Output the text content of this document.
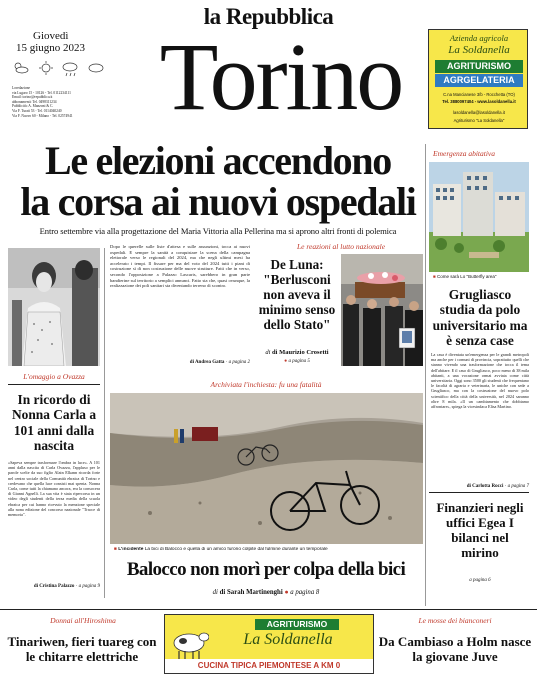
la Repubblica
Giovedì
15 giugno 2023
Loredazione
via Lugaro 15 - 10126 - Tel. 0112234111
Email: torino@repubblica.it
abbonamenti: Tel. 0498311234
Pubblicità: A. Manzoni & C.
Via F. Turati 53 - Tel. 0114040240
Via F. Nuovo 60 - Milano - Tel. 02574941 Torino	Azienda agricola
La Soldanella
AGRITURISMO
AGRGELATERIA
C.na Mancianese 3/b - Rocchetta (TO)
Tel. 3880097404 - www.lasoldanella.it
lasoldanella@lasoldanella.it
Agriturismo "La Soldanella"
Le elezioni accendono
la corsa ai nuovi ospedali
Entro settembre via alla progettazione del Maria Vittoria alla Pellerina ma si aprono altri fronti di polemica
Emergenza abitativa
■ Come sarà Lo "Butterfly area"
Grugliasco studia da polo universitario ma è senza case
La casa è diventata un'emergenza per le grandi metropoli ma anche per i comuni di provincia, soprattutto quelli che stanno vivendo una trasformazione che tocca il tema dell'abitare. E il caso di Grugliasco, poco meno di 38 mila abitanti, a una vocazione ormai avviata come città universitaria. Oggi sono 3500 gli studenti che frequentano le facoltà di agraria e veterinaria, le uniche con sede a Grugliasco, ma con la costruzione del nuovo polo scientifico della città della università, nel 2024 saranno oltre 8 mila. «Il un cambiamento che dobbiamo affrontare», spiega la vicesindaca Elisa Martino.
di Carlotta Rocci · a pagina 7
Finanzieri negli uffici Egea I bilanci nel mirino
a pagina 6
L'omaggio a Ovazza
In ricordo di Nonna Carla a 101 anni dalla nascita
«Sapeva sempre trasformare l'ombra in luce». A 101 anni dalla nascita di Carla Ovazza, l'appluso per le parole scelte da suo figlio Alain Elkann ricorda forte nel centro sociale della Comunità ebraica di Torino e credevano che quella luce consisti mai spenta. Nonna Carla, come tutti la chiamano ancora, era la consocera di Gianni Agnelli. La sua vita è stata ripercorsa in un video degli studenti della terza media della scuola ebraica per cui hanno ricevuto la menzione speciale alla nona edizione del concorso nazionale "Tracce di memoria".
di Cristina Palazzo · a pagina 9
Dopo le querelle sulle liste d'attesa e sulle assunzioni, tocca ai nuovi ospedali. E sempre la sanità a conquistare la scena della campagna elettorale verso le regionali del 2024, ma che negli ultimi mesi ha accelerato i tempi. Il fissare per ma del voto del 2024 tutti i piani di costruzione sì di non costruzione delle nuove strutture. Fatti che in verso, secondo l'opposizione a Palazzo Lascaris, sarebbero in gran parte bandierine sul territorio a semplici annunci. Fatto sta che, quasi ovunque, la realizzazione dei poli sanitari sta diventando terreno di scontro.
di Andrea Gatta · a pagina 2
Le reazioni al lutto nazionale
De Luna: "Berlusconi non aveva il minimo senso dello Stato"
di di Maurizio Crosetti
● a pagina 5
Archiviata l'inchiesta: fu una fatalità
■ L'incidente La bici di Balocco e quella di un amico furono colpite dal fulmine durante un temporale
Balocco non morì per colpa della bici
di di Sarah Martinenghi ● a pagina 8
Donnai all'Hiroshima
Tinariwen, fieri tuareg con le chitarre elettriche
AGRITURISMO
La Soldanella
CUCINA TIPICA PIEMONTESE A KM 0
Le mosse dei bianconeri
Da Cambiaso a Holm nasce la giovane Juve
